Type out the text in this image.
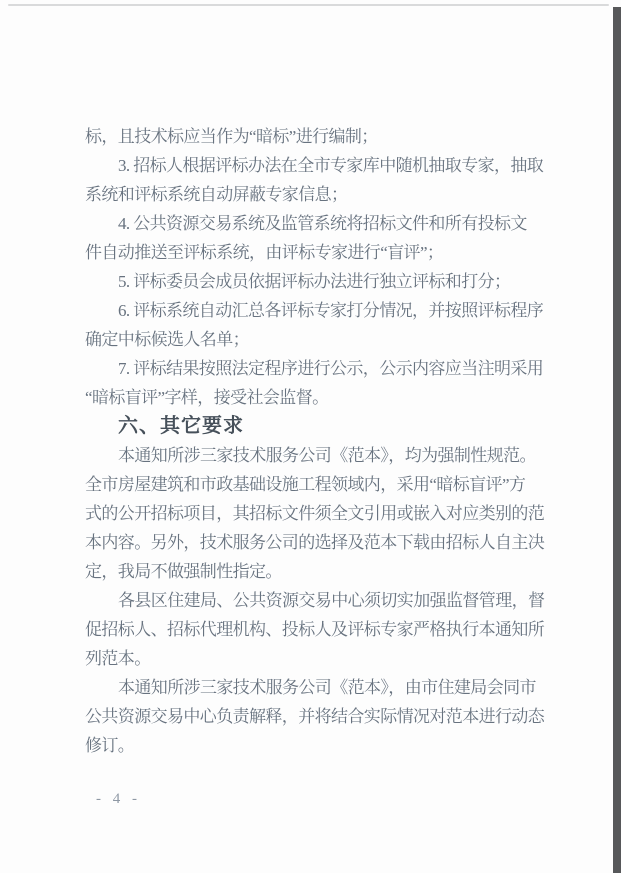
标，且技术标应当作为“暗标”进行编制；
3. 招标人根据评标办法在全市专家库中随机抽取专家，抽取
系统和评标系统自动屏蔽专家信息；
4. 公共资源交易系统及监管系统将招标文件和所有投标文
件自动推送至评标系统，由评标专家进行“盲评”；
5. 评标委员会成员依据评标办法进行独立评标和打分；
6. 评标系统自动汇总各评标专家打分情况，并按照评标程序
确定中标候选人名单；
7. 评标结果按照法定程序进行公示，公示内容应当注明采用
“暗标盲评”字样，接受社会监督。
六、其它要求
本通知所涉三家技术服务公司《范本》，均为强制性规范。
全市房屋建筑和市政基础设施工程领域内，采用“暗标盲评”方
式的公开招标项目，其招标文件须全文引用或嵌入对应类别的范
本内容。另外，技术服务公司的选择及范本下载由招标人自主决
定，我局不做强制性指定。
各县区住建局、公共资源交易中心须切实加强监督管理，督
促招标人、招标代理机构、投标人及评标专家严格执行本通知所
列范本。
本通知所涉三家技术服务公司《范本》，由市住建局会同市
公共资源交易中心负责解释，并将结合实际情况对范本进行动态
修订。
- 4 -
